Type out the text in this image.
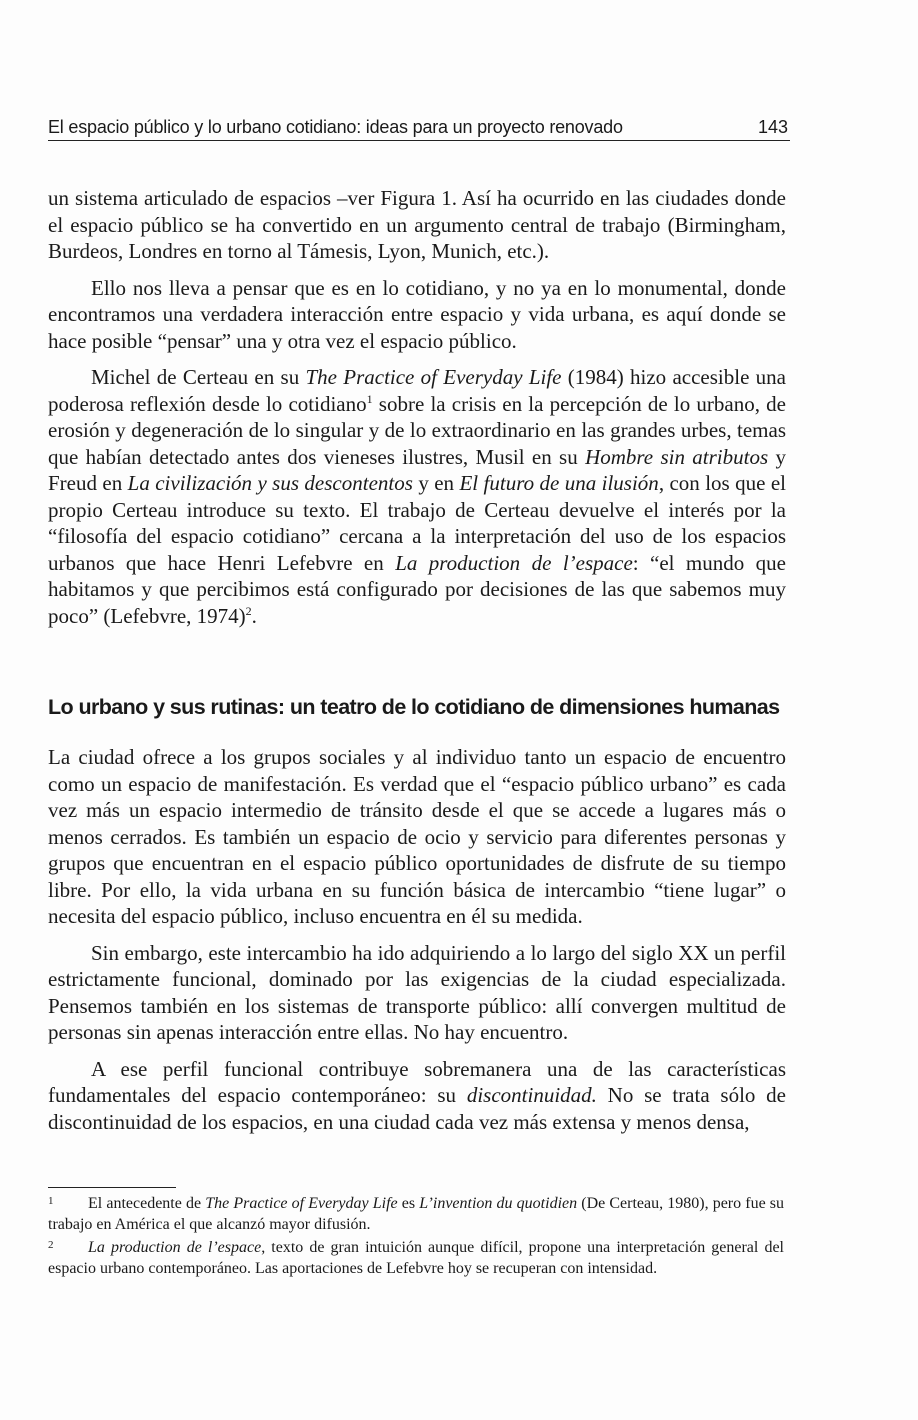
El espacio público y lo urbano cotidiano: ideas para un proyecto renovado	143

un sistema articulado de espacios –ver Figura 1. Así ha ocurrido en las ciudades donde el espacio público se ha convertido en un argumento central de trabajo (Birmingham, Burdeos, Londres en torno al Támesis, Lyon, Munich, etc.).

Ello nos lleva a pensar que es en lo cotidiano, y no ya en lo monumental, donde encontramos una verdadera interacción entre espacio y vida urbana, es aquí donde se hace posible “pensar” una y otra vez el espacio público.

Michel de Certeau en su The Practice of Everyday Life (1984) hizo accesible una poderosa reflexión desde lo cotidiano$^1$ sobre la crisis en la percepción de lo urbano, de erosión y degeneración de lo singular y de lo extraordinario en las grandes urbes, temas que habían detectado antes dos vieneses ilustres, Musil en su Hombre sin atributos y Freud en La civilización y sus descontentos y en El futuro de una ilusión, con los que el propio Certeau introduce su texto. El trabajo de Certeau devuelve el interés por la “filosofía del espacio cotidiano” cercana a la interpretación del uso de los espacios urbanos que hace Henri Lefebvre en La production de l’espace: “el mundo que habitamos y que percibimos está configurado por decisiones de las que sabemos muy poco” (Lefebvre, 1974)$^2$.

Lo urbano y sus rutinas: un teatro de lo cotidiano de dimensiones humanas

La ciudad ofrece a los grupos sociales y al individuo tanto un espacio de encuentro como un espacio de manifestación. Es verdad que el “espacio público urbano” es cada vez más un espacio intermedio de tránsito desde el que se accede a lugares más o menos cerrados. Es también un espacio de ocio y servicio para diferentes personas y grupos que encuentran en el espacio público oportunidades de disfrute de su tiempo libre. Por ello, la vida urbana en su función básica de intercambio “tiene lugar” o necesita del espacio público, incluso encuentra en él su medida.

Sin embargo, este intercambio ha ido adquiriendo a lo largo del siglo XX un perfil estrictamente funcional, dominado por las exigencias de la ciudad especializada. Pensemos también en los sistemas de transporte público: allí convergen multitud de personas sin apenas interacción entre ellas. No hay encuentro.

A ese perfil funcional contribuye sobremanera una de las características fundamentales del espacio contemporáneo: su discontinuidad. No se trata sólo de discontinuidad de los espacios, en una ciudad cada vez más extensa y menos densa,

1 El antecedente de The Practice of Everyday Life es L’invention du quotidien (De Certeau, 1980), pero fue su trabajo en América el que alcanzó mayor difusión.
2 La production de l’espace, texto de gran intuición aunque difícil, propone una interpretación general del espacio urbano contemporáneo. Las aportaciones de Lefebvre hoy se recuperan con intensidad.
